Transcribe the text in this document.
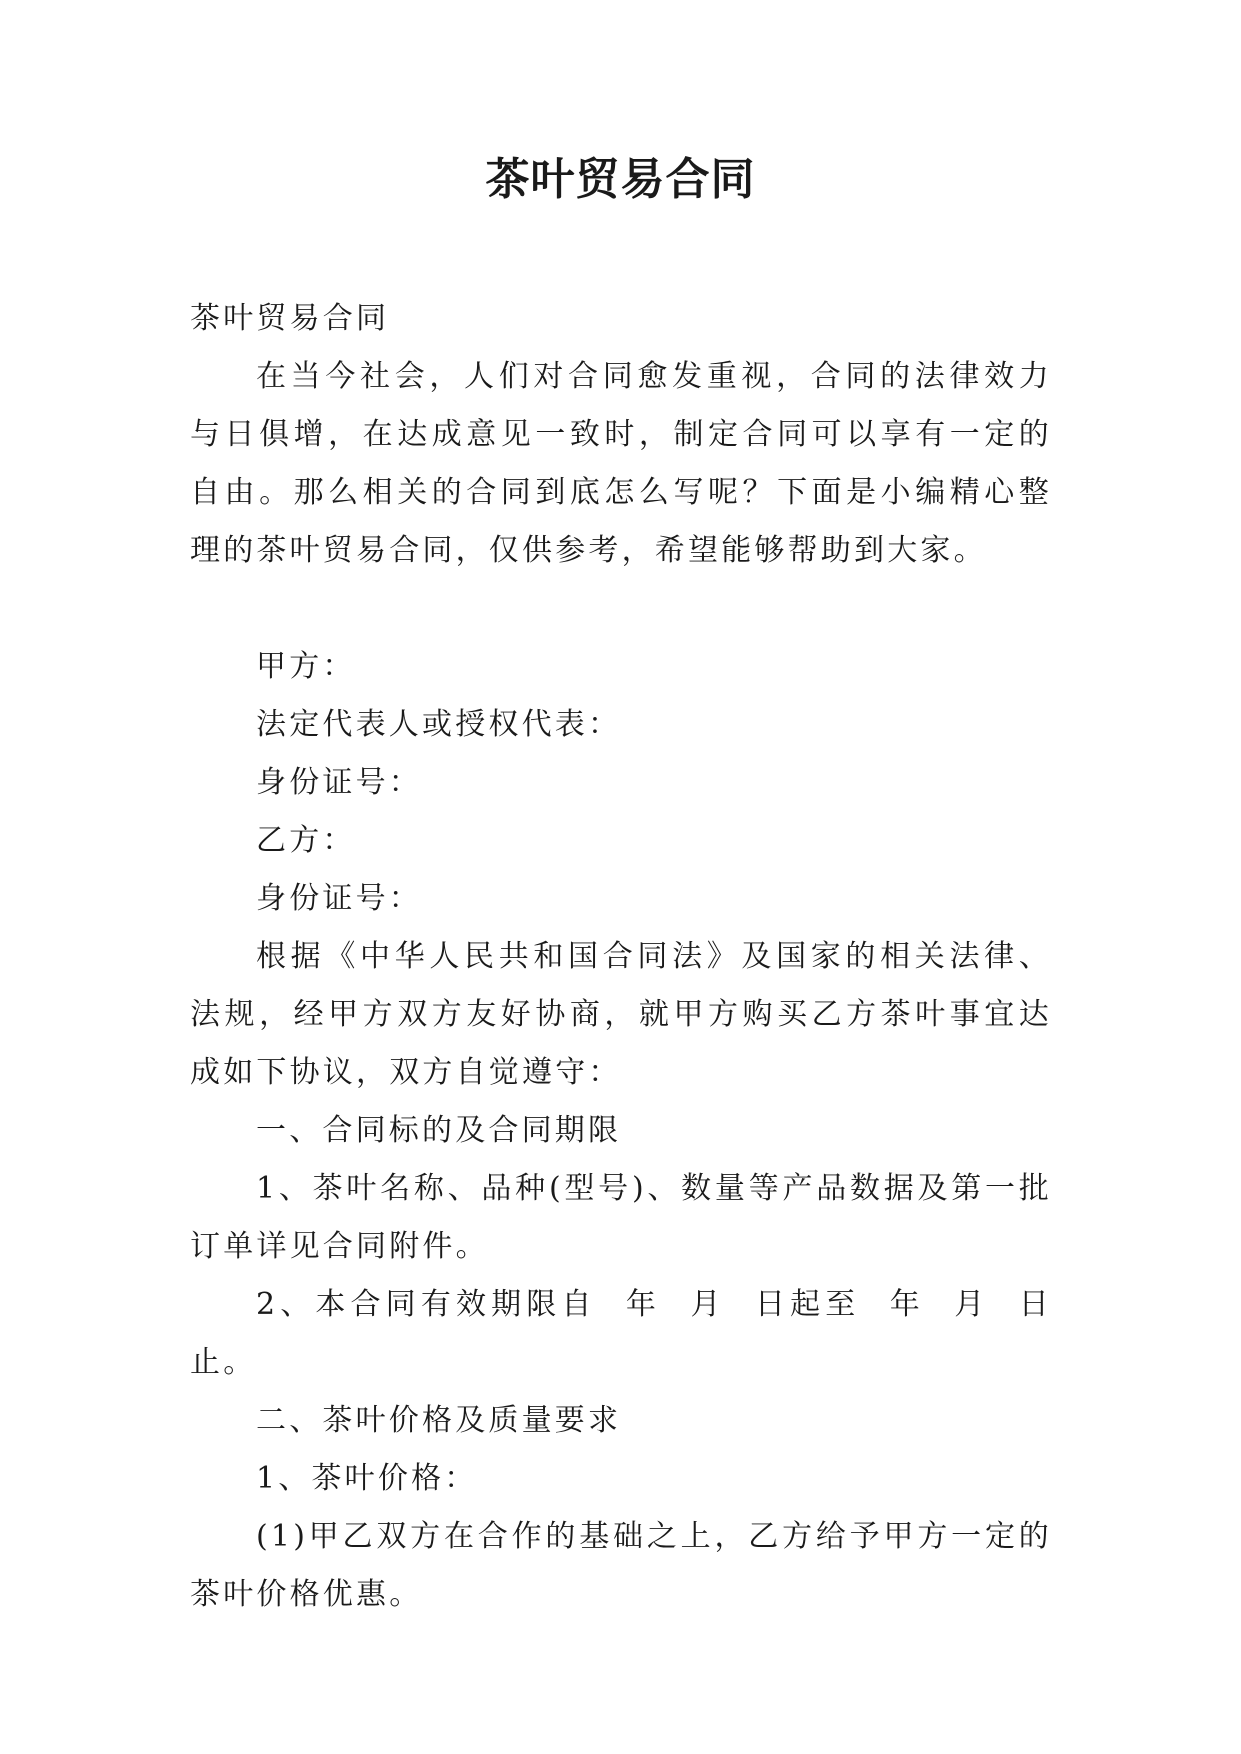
茶叶贸易合同

茶叶贸易合同

在当今社会，人们对合同愈发重视，合同的法律效力与日俱增，在达成意见一致时，制定合同可以享有一定的自由。那么相关的合同到底怎么写呢？下面是小编精心整理的茶叶贸易合同，仅供参考，希望能够帮助到大家。

甲方：

法定代表人或授权代表：

身份证号：

乙方：

身份证号：

根据《中华人民共和国合同法》及国家的相关法律、法规，经甲方双方友好协商，就甲方购买乙方茶叶事宜达成如下协议，双方自觉遵守：

一、合同标的及合同期限

1、茶叶名称、品种(型号)、数量等产品数据及第一批订单详见合同附件。

2、本合同有效期限自  年  月  日起至  年  月  日止。

二、茶叶价格及质量要求

1、茶叶价格：

(1)甲乙双方在合作的基础之上，乙方给予甲方一定的茶叶价格优惠。
